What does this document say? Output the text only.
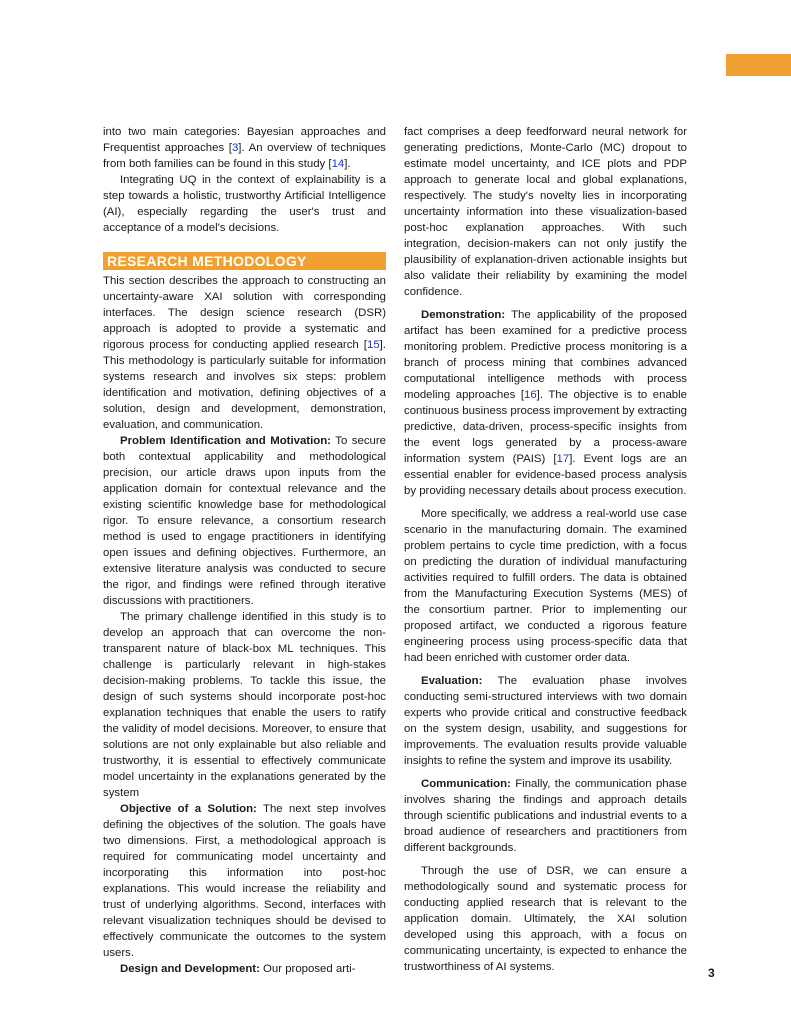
into two main categories: Bayesian approaches and Frequentist approaches [3]. An overview of techniques from both families can be found in this study [14].

Integrating UQ in the context of explainability is a step towards a holistic, trustworthy Artificial Intelligence (AI), especially regarding the user's trust and acceptance of a model's decisions.

RESEARCH METHODOLOGY

This section describes the approach to constructing an uncertainty-aware XAI solution with corresponding interfaces. The design science research (DSR) approach is adopted to provide a systematic and rigorous process for conducting applied research [15]. This methodology is particularly suitable for information systems research and involves six steps: problem identification and motivation, defining objectives of a solution, design and development, demonstration, evaluation, and communication.

Problem Identification and Motivation: To secure both contextual applicability and methodological precision, our article draws upon inputs from the application domain for contextual relevance and the existing scientific knowledge base for methodological rigor. To ensure relevance, a consortium research method is used to engage practitioners in identifying open issues and defining objectives. Furthermore, an extensive literature analysis was conducted to secure the rigor, and findings were refined through iterative discussions with practitioners.

The primary challenge identified in this study is to develop an approach that can overcome the non-transparent nature of black-box ML techniques. This challenge is particularly relevant in high-stakes decision-making problems. To tackle this issue, the design of such systems should incorporate post-hoc explanation techniques that enable the users to ratify the validity of model decisions. Moreover, to ensure that solutions are not only explainable but also reliable and trustworthy, it is essential to effectively communicate model uncertainty in the explanations generated by the system

Objective of a Solution: The next step involves defining the objectives of the solution. The goals have two dimensions. First, a methodological approach is required for communicating model uncertainty and incorporating this information into post-hoc explanations. This would increase the reliability and trust of underlying algorithms. Second, interfaces with relevant visualization techniques should be devised to effectively communicate the outcomes to the system users.

Design and Development: Our proposed arti-

fact comprises a deep feedforward neural network for generating predictions, Monte-Carlo (MC) dropout to estimate model uncertainty, and ICE plots and PDP approach to generate local and global explanations, respectively. The study's novelty lies in incorporating uncertainty information into these visualization-based post-hoc explanation approaches. With such integration, decision-makers can not only justify the plausibility of explanation-driven actionable insights but also validate their reliability by examining the model confidence.

Demonstration: The applicability of the proposed artifact has been examined for a predictive process monitoring problem. Predictive process monitoring is a branch of process mining that combines advanced computational intelligence methods with process modeling approaches [16]. The objective is to enable continuous business process improvement by extracting predictive, data-driven, process-specific insights from the event logs generated by a process-aware information system (PAIS) [17]. Event logs are an essential enabler for evidence-based process analysis by providing necessary details about process execution.

More specifically, we address a real-world use case scenario in the manufacturing domain. The examined problem pertains to cycle time prediction, with a focus on predicting the duration of individual manufacturing activities required to fulfill orders. The data is obtained from the Manufacturing Execution Systems (MES) of the consortium partner. Prior to implementing our proposed artifact, we conducted a rigorous feature engineering process using process-specific data that had been enriched with customer order data.

Evaluation: The evaluation phase involves conducting semi-structured interviews with two domain experts who provide critical and constructive feedback on the system design, usability, and suggestions for improvements. The evaluation results provide valuable insights to refine the system and improve its usability.

Communication: Finally, the communication phase involves sharing the findings and approach details through scientific publications and industrial events to a broad audience of researchers and practitioners from different backgrounds.

Through the use of DSR, we can ensure a methodologically sound and systematic process for conducting applied research that is relevant to the application domain. Ultimately, the XAI solution developed using this approach, with a focus on communicating uncertainty, is expected to enhance the trustworthiness of AI systems.	3
